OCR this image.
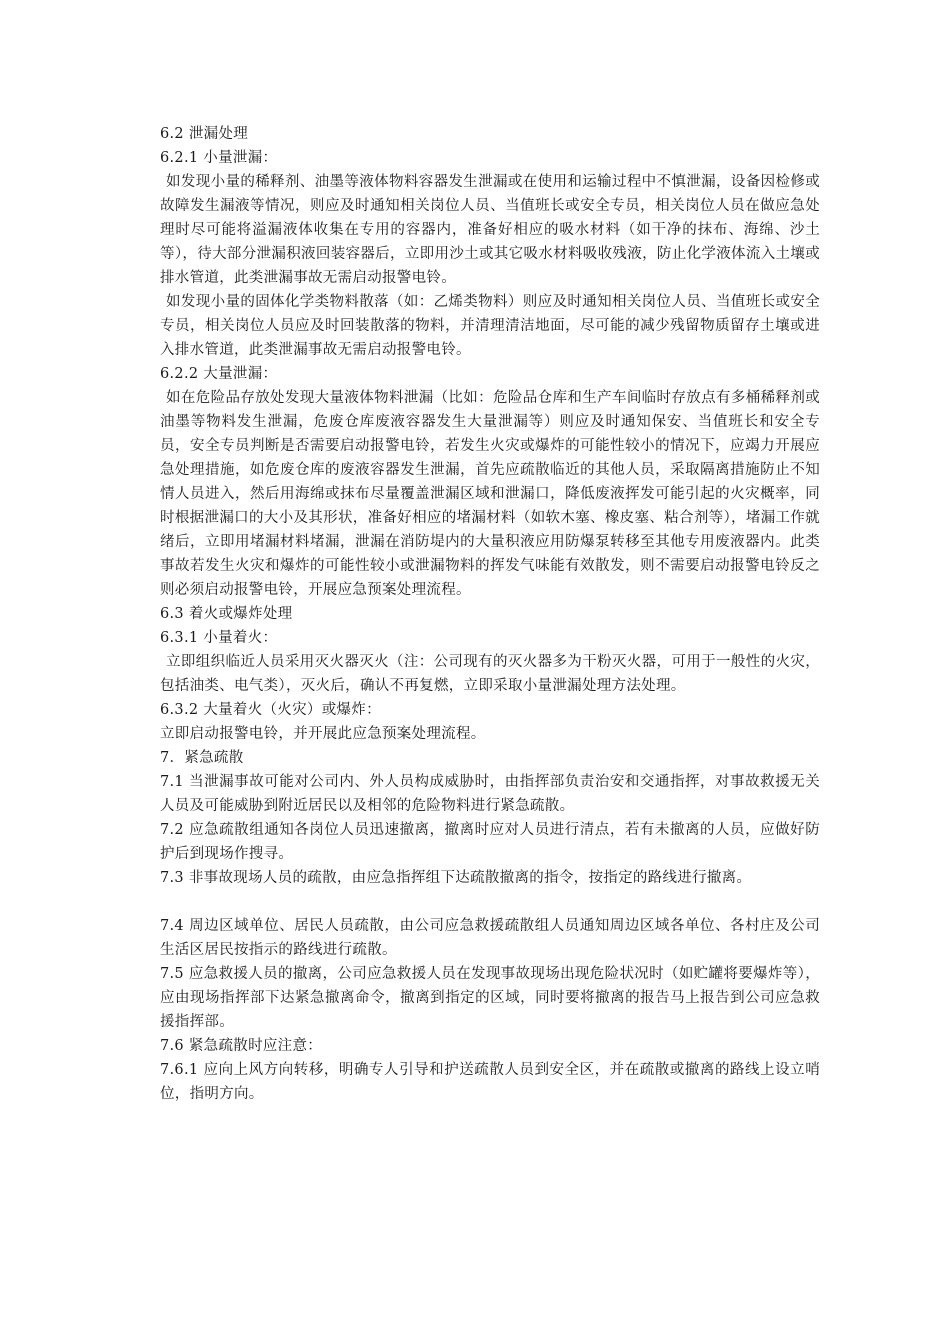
6.2 泄漏处理

6.2.1 小量泄漏：

如发现小量的稀释剂、油墨等液体物料容器发生泄漏或在使用和运输过程中不慎泄漏，设备因检修或故障发生漏液等情况，则应及时通知相关岗位人员、当值班长或安全专员，相关岗位人员在做应急处理时尽可能将溢漏液体收集在专用的容器内，准备好相应的吸水材料（如干净的抹布、海绵、沙土等），待大部分泄漏积液回装容器后，立即用沙土或其它吸水材料吸收残液，防止化学液体流入土壤或排水管道，此类泄漏事故无需启动报警电铃。

如发现小量的固体化学类物料散落（如：乙烯类物料）则应及时通知相关岗位人员、当值班长或安全专员，相关岗位人员应及时回装散落的物料，并清理清洁地面，尽可能的减少残留物质留存土壤或进入排水管道，此类泄漏事故无需启动报警电铃。

6.2.2 大量泄漏：

如在危险品存放处发现大量液体物料泄漏（比如：危险品仓库和生产车间临时存放点有多桶稀释剂或油墨等物料发生泄漏，危废仓库废液容器发生大量泄漏等）则应及时通知保安、当值班长和安全专员，安全专员判断是否需要启动报警电铃，若发生火灾或爆炸的可能性较小的情况下，应竭力开展应急处理措施，如危废仓库的废液容器发生泄漏，首先应疏散临近的其他人员，采取隔离措施防止不知情人员进入，然后用海绵或抹布尽量覆盖泄漏区域和泄漏口，降低废液挥发可能引起的火灾概率，同时根据泄漏口的大小及其形状，准备好相应的堵漏材料（如软木塞、橡皮塞、粘合剂等），堵漏工作就绪后，立即用堵漏材料堵漏，泄漏在消防堤内的大量积液应用防爆泵转移至其他专用废液器内。此类事故若发生火灾和爆炸的可能性较小或泄漏物料的挥发气味能有效散发，则不需要启动报警电铃反之则必须启动报警电铃，开展应急预案处理流程。

6.3 着火或爆炸处理

6.3.1 小量着火：

立即组织临近人员采用灭火器灭火（注：公司现有的灭火器多为干粉灭火器，可用于一般性的火灾，包括油类、电气类），灭火后，确认不再复燃，立即采取小量泄漏处理方法处理。

6.3.2 大量着火（火灾）或爆炸：

立即启动报警电铃，并开展此应急预案处理流程。

7．紧急疏散

7.1 当泄漏事故可能对公司内、外人员构成威胁时，由指挥部负责治安和交通指挥，对事故救援无关人员及可能威胁到附近居民以及相邻的危险物料进行紧急疏散。

7.2 应急疏散组通知各岗位人员迅速撤离，撤离时应对人员进行清点，若有未撤离的人员，应做好防护后到现场作搜寻。

7.3 非事故现场人员的疏散，由应急指挥组下达疏散撤离的指令，按指定的路线进行撤离。

7.4 周边区域单位、居民人员疏散，由公司应急救援疏散组人员通知周边区域各单位、各村庄及公司生活区居民按指示的路线进行疏散。

7.5 应急救援人员的撤离，公司应急救援人员在发现事故现场出现危险状况时（如贮罐将要爆炸等），应由现场指挥部下达紧急撤离命令，撤离到指定的区域，同时要将撤离的报告马上报告到公司应急救援指挥部。

7.6 紧急疏散时应注意：

7.6.1 应向上风方向转移，明确专人引导和护送疏散人员到安全区，并在疏散或撤离的路线上设立哨位，指明方向。
